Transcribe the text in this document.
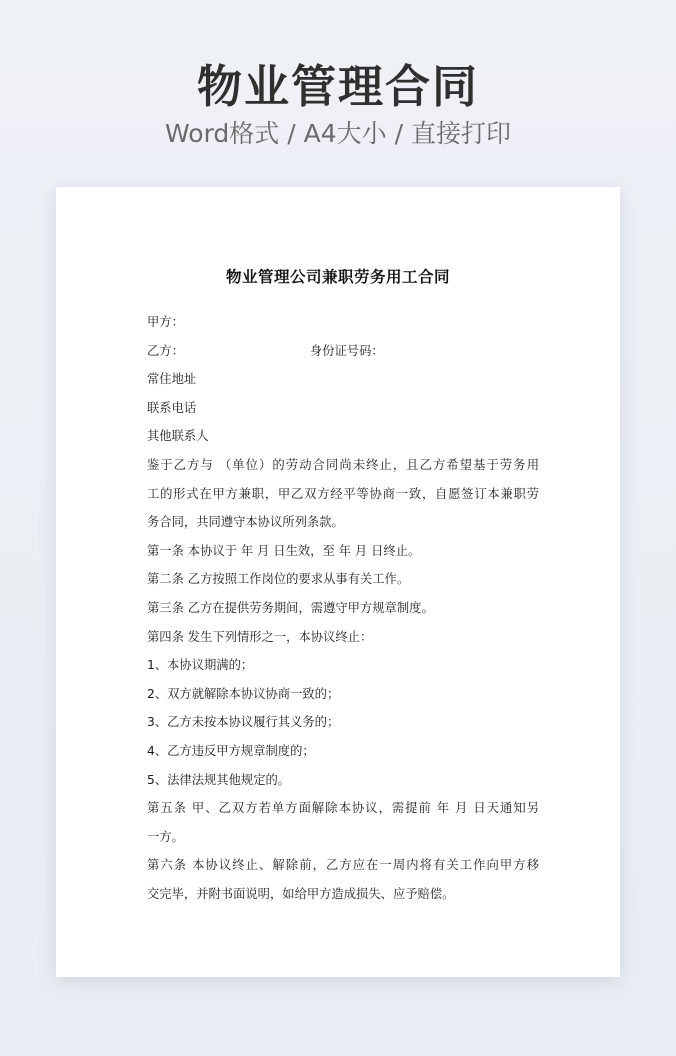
物业管理合同
Word格式 / A4大小 / 直接打印
物业管理公司兼职劳务用工合同
甲方：
乙方：	身份证号码：
常住地址
联系电话
其他联系人
鉴于乙方与 （单位）的劳动合同尚未终止，且乙方希望基于劳务用
工的形式在甲方兼职，甲乙双方经平等协商一致，自愿签订本兼职劳
务合同，共同遵守本协议所列条款。
第一条 本协议于 年 月 日生效，至 年 月 日终止。
第二条 乙方按照工作岗位的要求从事有关工作。
第三条 乙方在提供劳务期间，需遵守甲方规章制度。
第四条 发生下列情形之一，本协议终止：
1、本协议期满的；
2、双方就解除本协议协商一致的；
3、乙方未按本协议履行其义务的；
4、乙方违反甲方规章制度的；
5、法律法规其他规定的。
第五条 甲、乙双方若单方面解除本协议，需提前 年 月 日天通知另
一方。
第六条 本协议终止、解除前，乙方应在一周内将有关工作向甲方移
交完毕，并附书面说明，如给甲方造成损失、应予赔偿。
